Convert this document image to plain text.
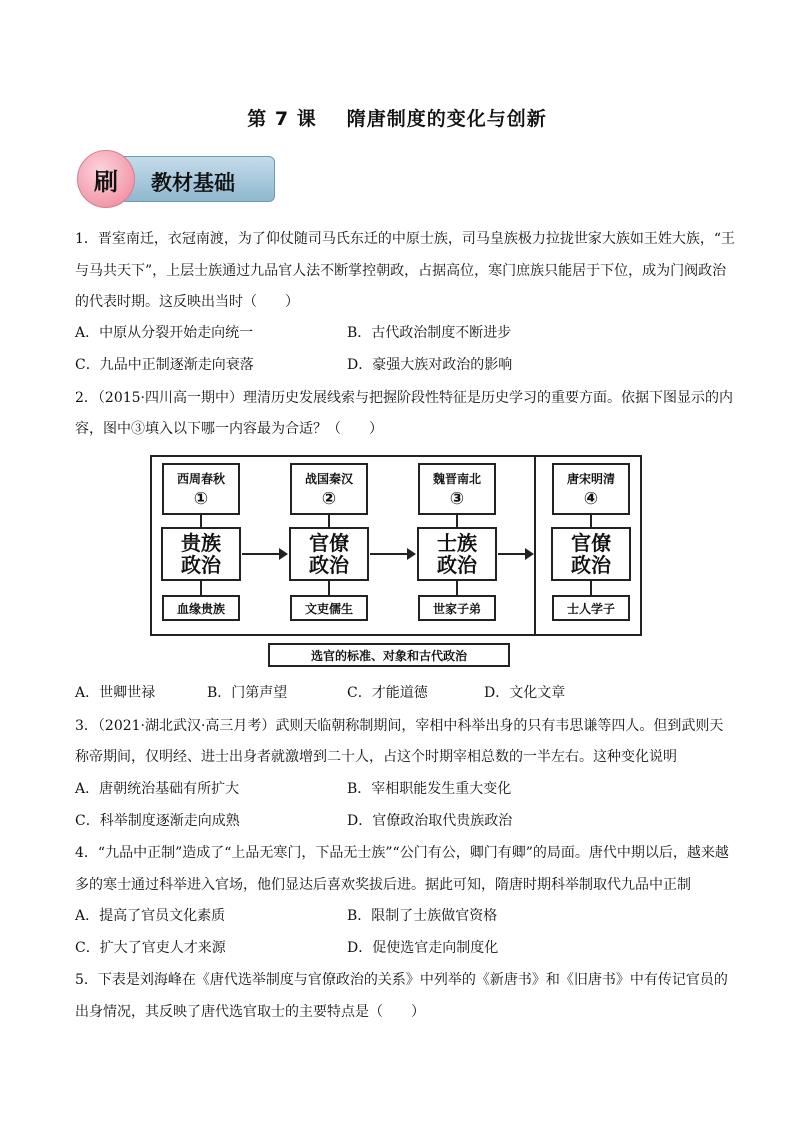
第 7 课 隋唐制度的变化与创新
教材基础
刷
1．晋室南迁，衣冠南渡，为了仰仗随司马氏东迁的中原士族，司马皇族极力拉拢世家大族如王姓大族，“王
与马共天下”，上层士族通过九品官人法不断掌控朝政，占据高位，寒门庶族只能居于下位，成为门阀政治
的代表时期。这反映出当时（　　）
A．中原从分裂开始走向统一	B．古代政治制度不断进步
C．九品中正制逐渐走向衰落	D．豪强大族对政治的影响
2．（2015·四川高一期中）理清历史发展线索与把握阶段性特征是历史学习的重要方面。依据下图显示的内
容，图中③填入以下哪一内容最为合适？（　　）
西周春秋
①
战国秦汉
②
魏晋南北
③
贵族
政治
官僚
政治
士族
政治
血缘贵族	文吏儒生	世家子弟
选官的标准、对象和古代政治
唐宋明清
④
官僚
政治
士人学子
A．世卿世禄	B．门第声望	C．才能道德	D．文化文章
3．（2021·湖北武汉·高三月考）武则天临朝称制期间，宰相中科举出身的只有韦思谦等四人。但到武则天
称帝期间，仅明经、进士出身者就激增到二十人，占这个时期宰相总数的一半左右。这种变化说明
A．唐朝统治基础有所扩大	B．宰相职能发生重大变化
C．科举制度逐渐走向成熟	D．官僚政治取代贵族政治
4．“九品中正制”造成了“上品无寒门，下品无士族”“公门有公，卿门有卿”的局面。唐代中期以后，越来越
多的寒士通过科举进入官场，他们显达后喜欢奖拔后进。据此可知，隋唐时期科举制取代九品中正制
A．提高了官员文化素质	B．限制了士族做官资格
C．扩大了官吏人才来源	D．促使选官走向制度化
5．下表是刘海峰在《唐代选举制度与官僚政治的关系》中列举的《新唐书》和《旧唐书》中有传记官员的
出身情况，其反映了唐代选官取士的主要特点是（　　）
